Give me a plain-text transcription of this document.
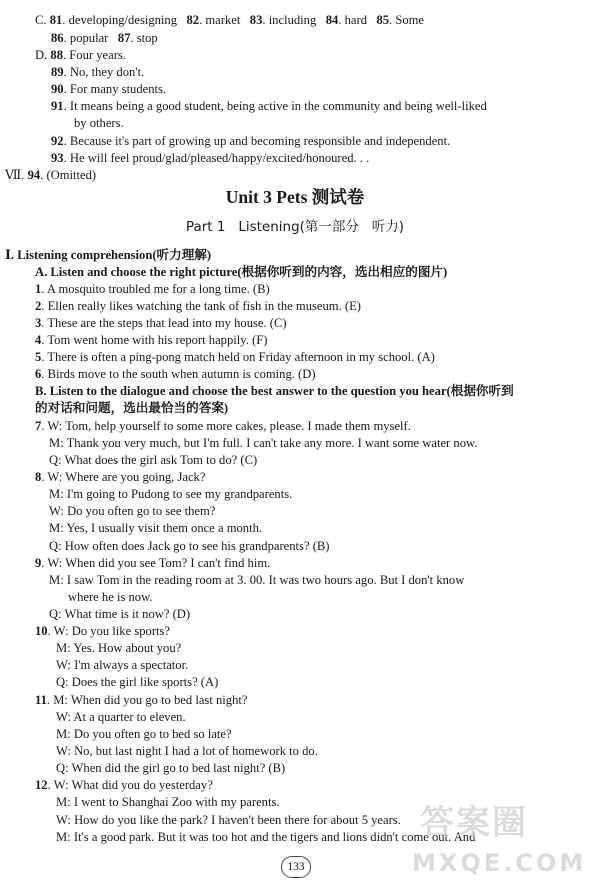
C. 81. developing/designing   82. market   83. including   84. hard   85. Some
86. popular   87. stop
D. 88. Four years.
89. No, they don't.
90. For many students.
91. It means being a good student, being active in the community and being well-liked
by others.
92. Because it's part of growing up and becoming responsible and independent.
93. He will feel proud/glad/pleased/happy/excited/honoured. . .
Ⅶ. 94. (Omitted)
Ⅰ. Listening comprehension(听力理解)
A. Listen and choose the right picture(根据你听到的内容，选出相应的图片)
1. A mosquito troubled me for a long time. (B)
2. Ellen really likes watching the tank of fish in the museum. (E)
3. These are the steps that lead into my house. (C)
4. Tom went home with his report happily. (F)
5. There is often a ping-pong match held on Friday afternoon in my school. (A)
6. Birds move to the south when autumn is coming. (D)
B. Listen to the dialogue and choose the best answer to the question you hear(根据你听到
的对话和问题，选出最恰当的答案)
7. W: Tom, help yourself to some more cakes, please. I made them myself.
M: Thank you very much, but I'm full. I can't take any more. I want some water now.
Q: What does the girl ask Tom to do? (C)
8. W: Where are you going, Jack?
M: I'm going to Pudong to see my grandparents.
W: Do you often go to see them?
M: Yes, I usually visit them once a month.
Q: How often does Jack go to see his grandparents? (B)
9. W: When did you see Tom? I can't find him.
M: I saw Tom in the reading room at 3. 00. It was two hours ago. But I don't know
where he is now.
Q: What time is it now? (D)
10. W: Do you like sports?
M: Yes. How about you?
W: I'm always a spectator.
Q: Does the girl like sports? (A)
11. M: When did you go to bed last night?
W: At a quarter to eleven.
M: Do you often go to bed so late?
W: No, but last night I had a lot of homework to do.
Q: When did the girl go to bed last night? (B)
12. W: What did you do yesterday?
M: I went to Shanghai Zoo with my parents.
W: How do you like the park? I haven't been there for about 5 years.
M: It's a good park. But it was too hot and the tigers and lions didn't come out. And
Unit 3 Pets 测试卷
Part 1   Listening(第一部分   听力)
133
答案圈
MXQE.COM
